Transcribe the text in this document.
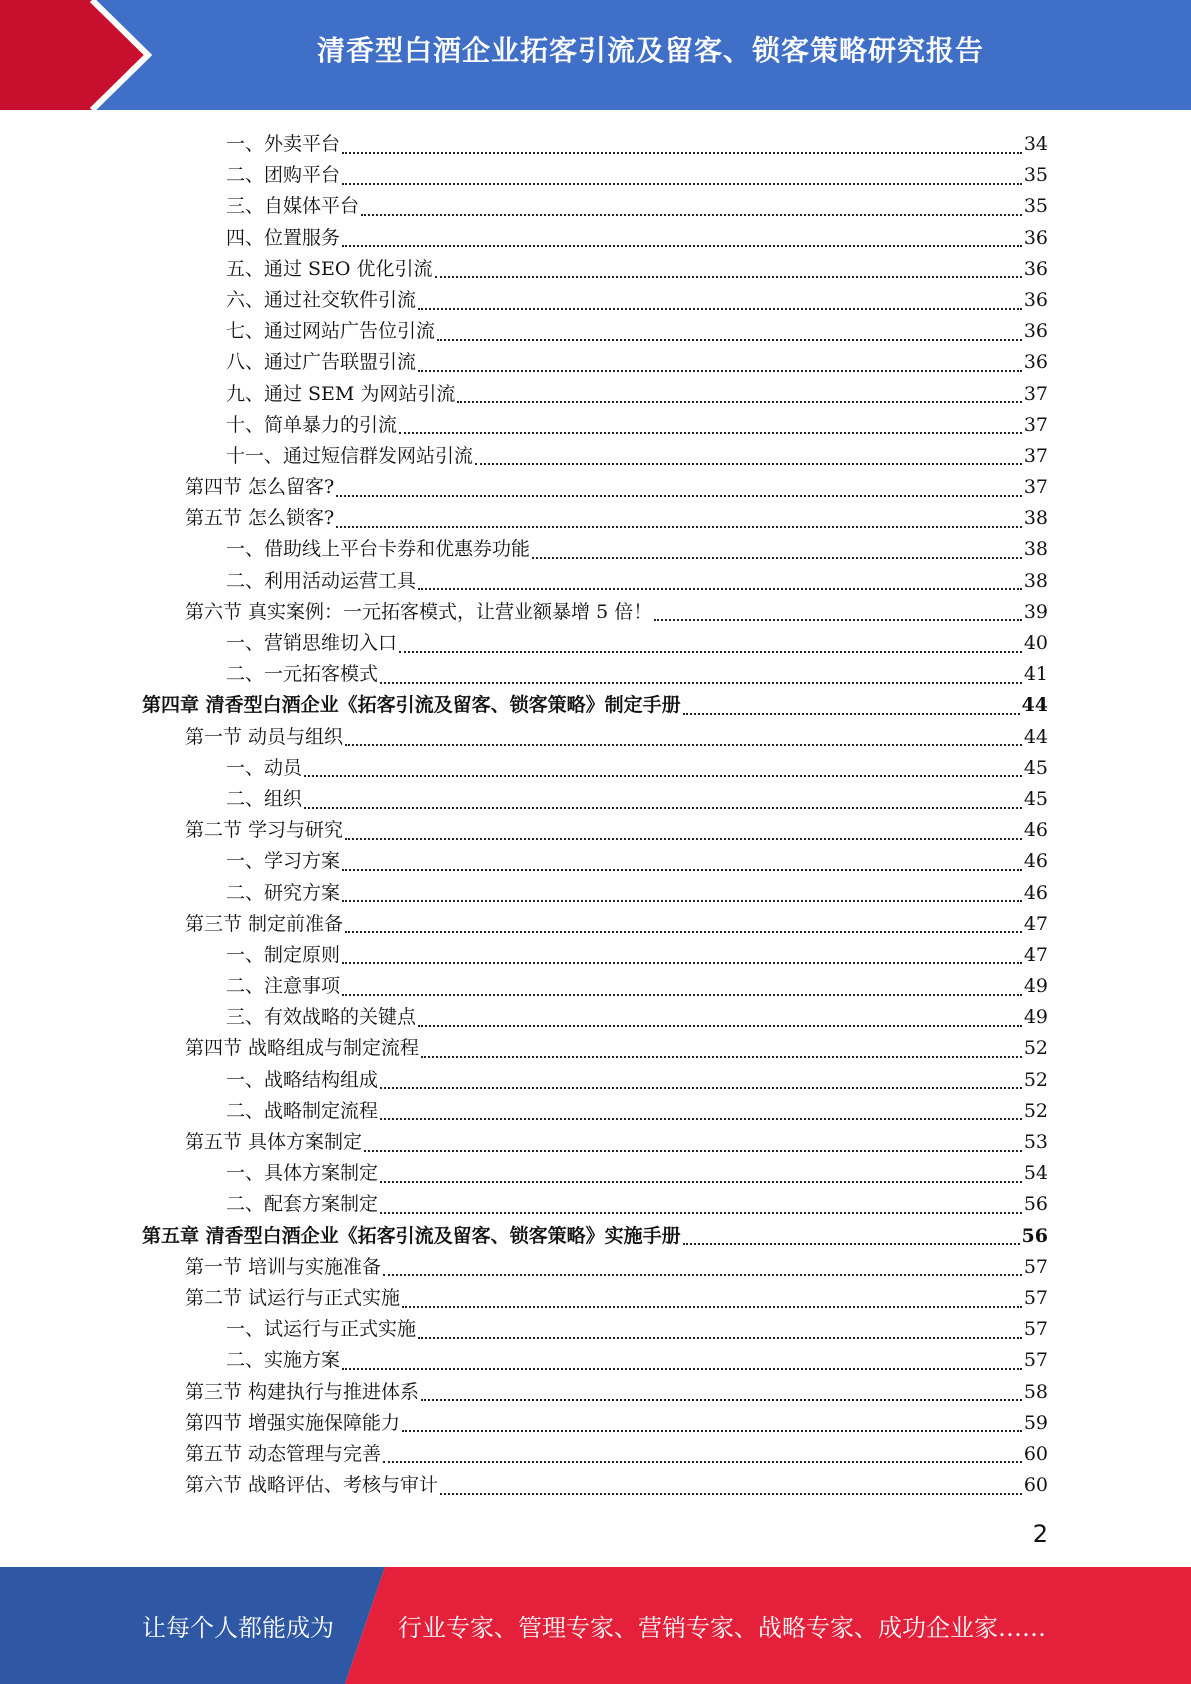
清香型白酒企业拓客引流及留客、锁客策略研究报告
一、外卖平台	34
二、团购平台	35
三、自媒体平台	35
四、位置服务	36
五、通过 SEO 优化引流	36
六、通过社交软件引流	36
七、通过网站广告位引流	36
八、通过广告联盟引流	36
九、通过 SEM 为网站引流	37
十、简单暴力的引流	37
十一、通过短信群发网站引流	37
第四节 怎么留客?	37
第五节 怎么锁客?	38
一、借助线上平台卡券和优惠券功能	38
二、利用活动运营工具	38
第六节 真实案例：一元拓客模式，让营业额暴增 5 倍！	39
一、营销思维切入口	40
二、一元拓客模式	41
第四章 清香型白酒企业《拓客引流及留客、锁客策略》制定手册	44
第一节 动员与组织	44
一、动员	45
二、组织	45
第二节 学习与研究	46
一、学习方案	46
二、研究方案	46
第三节 制定前准备	47
一、制定原则	47
二、注意事项	49
三、有效战略的关键点	49
第四节 战略组成与制定流程	52
一、战略结构组成	52
二、战略制定流程	52
第五节 具体方案制定	53
一、具体方案制定	54
二、配套方案制定	56
第五章 清香型白酒企业《拓客引流及留客、锁客策略》实施手册	56
第一节 培训与实施准备	57
第二节 试运行与正式实施	57
一、试运行与正式实施	57
二、实施方案	57
第三节 构建执行与推进体系	58
第四节 增强实施保障能力	59
第五节 动态管理与完善	60
第六节 战略评估、考核与审计	60
2
让每个人都能成为	行业专家、管理专家、营销专家、战略专家、成功企业家……
